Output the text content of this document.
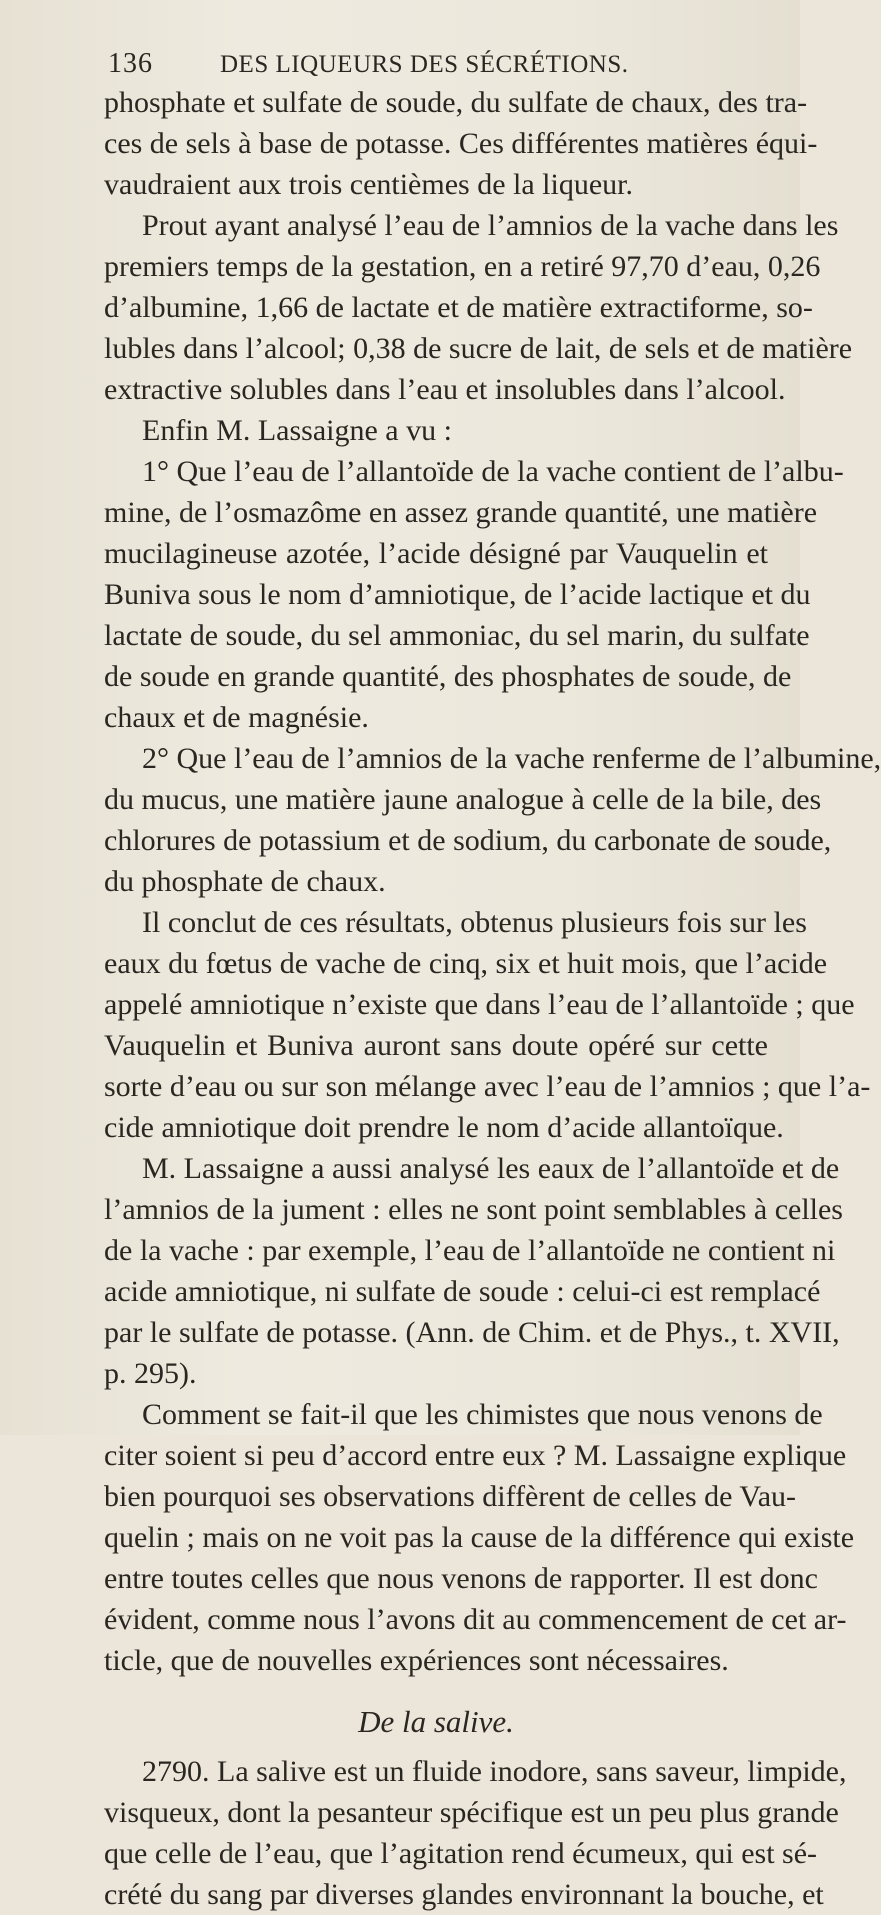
136	DES LIQUEURS DES SÉCRÉTIONS.
phosphate et sulfate de soude, du sulfate de chaux, des tra-
ces de sels à base de potasse. Ces différentes matières équi-
vaudraient aux trois centièmes de la liqueur.
Prout ayant analysé l’eau de l’amnios de la vache dans les
premiers temps de la gestation, en a retiré 97,70 d’eau, 0,26
d’albumine, 1,66 de lactate et de matière extractiforme, so-
lubles dans l’alcool; 0,38 de sucre de lait, de sels et de matière
extractive solubles dans l’eau et insolubles dans l’alcool.
Enfin M. Lassaigne a vu :
1° Que l’eau de l’allantoïde de la vache contient de l’albu-
mine, de l’osmazôme en assez grande quantité, une matière
mucilagineuse azotée, l’acide désigné par Vauquelin et
Buniva sous le nom d’amniotique, de l’acide lactique et du
lactate de soude, du sel ammoniac, du sel marin, du sulfate
de soude en grande quantité, des phosphates de soude, de
chaux et de magnésie.
2° Que l’eau de l’amnios de la vache renferme de l’albumine,
du mucus, une matière jaune analogue à celle de la bile, des
chlorures de potassium et de sodium, du carbonate de soude,
du phosphate de chaux.
Il conclut de ces résultats, obtenus plusieurs fois sur les
eaux du fœtus de vache de cinq, six et huit mois, que l’acide
appelé amniotique n’existe que dans l’eau de l’allantoïde ; que
Vauquelin et Buniva auront sans doute opéré sur cette
sorte d’eau ou sur son mélange avec l’eau de l’amnios ; que l’a-
cide amniotique doit prendre le nom d’acide allantoïque.
M. Lassaigne a aussi analysé les eaux de l’allantoïde et de
l’amnios de la jument : elles ne sont point semblables à celles
de la vache : par exemple, l’eau de l’allantoïde ne contient ni
acide amniotique, ni sulfate de soude : celui-ci est remplacé
par le sulfate de potasse. (Ann. de Chim. et de Phys., t. XVII,
p. 295).
Comment se fait-il que les chimistes que nous venons de
citer soient si peu d’accord entre eux ? M. Lassaigne explique
bien pourquoi ses observations diffèrent de celles de Vau-
quelin ; mais on ne voit pas la cause de la différence qui existe
entre toutes celles que nous venons de rapporter. Il est donc
évident, comme nous l’avons dit au commencement de cet ar-
ticle, que de nouvelles expériences sont nécessaires.
De la salive.
2790. La salive est un fluide inodore, sans saveur, limpide,
visqueux, dont la pesanteur spécifique est un peu plus grande
que celle de l’eau, que l’agitation rend écumeux, qui est sé-
crété du sang par diverses glandes environnant la bouche, et
